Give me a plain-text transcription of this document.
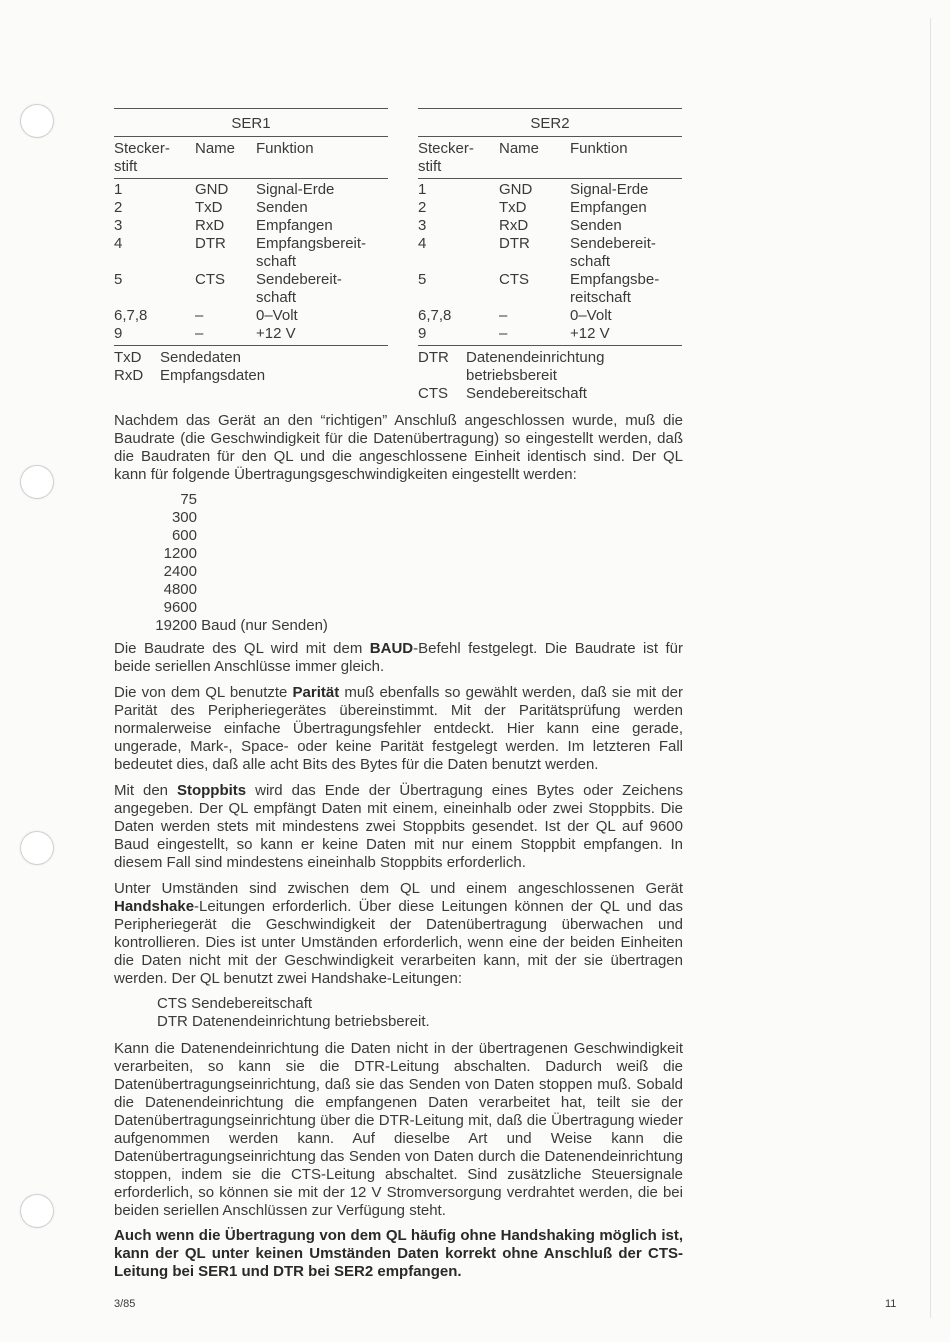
SER1
Stecker-
stift
Name	Funktion
1	GND	Signal-Erde
2	TxD	Senden
3	RxD	Empfangen
4	DTR	Empfangsbereit-
schaft
5	CTS	Sendebereit-
schaft
6,7,8	–	0–Volt
9	–	+12 V
SER2
Stecker-
stift
Name	Funktion
1	GND	Signal-Erde
2	TxD	Empfangen
3	RxD	Senden
4	DTR	Sendebereit-
schaft
5	CTS	Empfangsbe-
reitschaft
6,7,8	–	0–Volt
9	–	+12 V
TxD	Sendedaten
RxD	Empfangsdaten
DTR	Datenendeinrichtung
betriebsbereit
CTS	Sendebereitschaft

Nachdem das Gerät an den “richtigen” Anschluß angeschlossen wurde, muß die Baudrate (die Geschwindigkeit für die Datenübertragung) so eingestellt werden, daß die Baudraten für den QL und die angeschlossene Einheit identisch sind. Der QL kann für folgende Übertragungsgeschwindigkeiten eingestellt werden:

75
300
600
1200
2400
4800
9600
19200 Baud (nur Senden)

Die Baudrate des QL wird mit dem BAUD-Befehl festgelegt. Die Baudrate ist für beide seriellen Anschlüsse immer gleich.

Die von dem QL benutzte Parität muß ebenfalls so gewählt werden, daß sie mit der Parität des Peripheriegerätes übereinstimmt. Mit der Paritätsprüfung werden normalerweise einfache Übertragungsfehler entdeckt. Hier kann eine gerade, ungerade, Mark-, Space- oder keine Parität festgelegt werden. Im letzteren Fall bedeutet dies, daß alle acht Bits des Bytes für die Daten benutzt werden.

Mit den Stoppbits wird das Ende der Übertragung eines Bytes oder Zeichens angegeben. Der QL empfängt Daten mit einem, eineinhalb oder zwei Stoppbits. Die Daten werden stets mit mindestens zwei Stoppbits gesendet. Ist der QL auf 9600 Baud eingestellt, so kann er keine Daten mit nur einem Stoppbit empfangen. In diesem Fall sind mindestens eineinhalb Stoppbits erforderlich.

Unter Umständen sind zwischen dem QL und einem angeschlossenen Gerät Handshake-Leitungen erforderlich. Über diese Leitungen können der QL und das Peripheriegerät die Geschwindigkeit der Datenübertragung überwachen und kontrollieren. Dies ist unter Umständen erforderlich, wenn eine der beiden Einheiten die Daten nicht mit der Geschwindigkeit verarbeiten kann, mit der sie übertragen werden. Der QL benutzt zwei Handshake-Leitungen:

CTS Sendebereitschaft
DTR Datenendeinrichtung betriebsbereit.

Kann die Datenendeinrichtung die Daten nicht in der übertragenen Geschwindigkeit verarbeiten, so kann sie die DTR-Leitung abschalten. Dadurch weiß die Datenübertragungseinrichtung, daß sie das Senden von Daten stoppen muß. Sobald die Datenendeinrichtung die empfangenen Daten verarbeitet hat, teilt sie der Datenübertragungseinrichtung über die DTR-Leitung mit, daß die Übertragung wieder aufgenommen werden kann. Auf dieselbe Art und Weise kann die Datenübertragungseinrichtung das Senden von Daten durch die Datenendeinrichtung stoppen, indem sie die CTS-Leitung abschaltet. Sind zusätzliche Steuersignale erforderlich, so können sie mit der 12 V Stromversorgung verdrahtet werden, die bei beiden seriellen Anschlüssen zur Verfügung steht.

Auch wenn die Übertragung von dem QL häufig ohne Handshaking möglich ist, kann der QL unter keinen Umständen Daten korrekt ohne Anschluß der CTS-Leitung bei SER1 und DTR bei SER2 empfangen.

3/85	11
